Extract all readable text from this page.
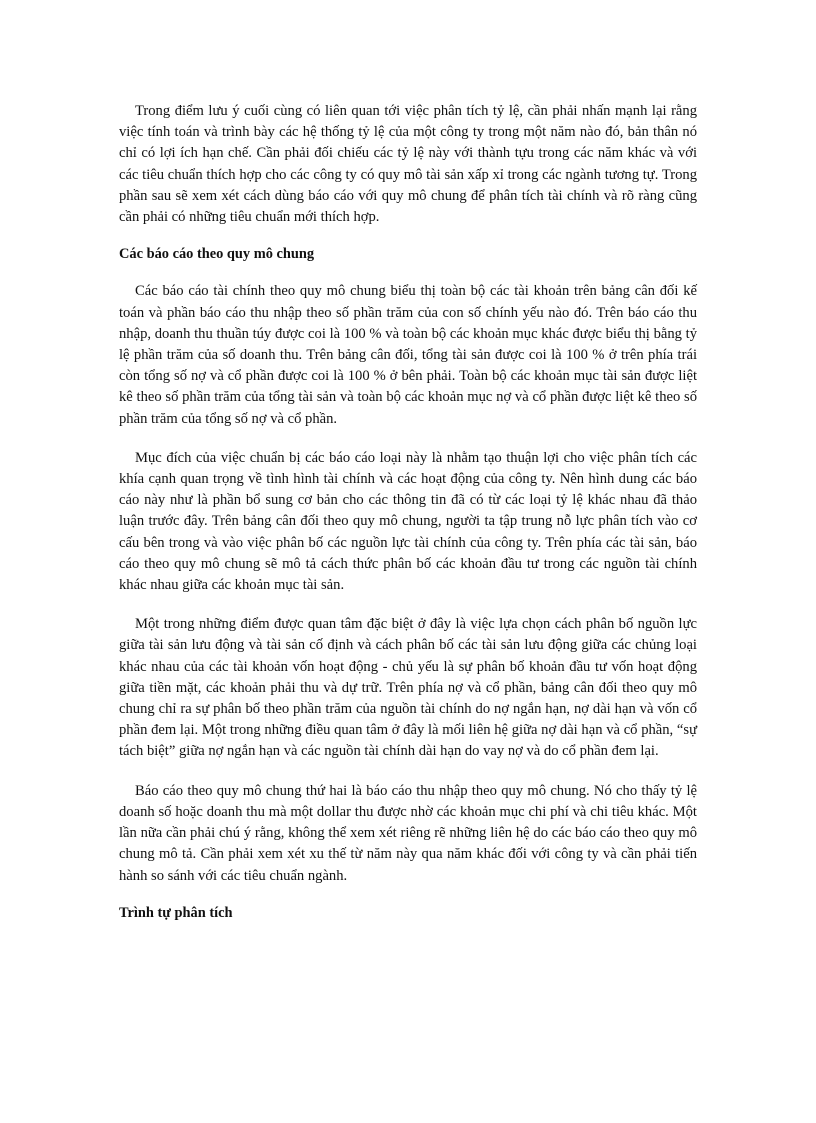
Trong điểm lưu ý cuối cùng có liên quan tới việc phân tích tỷ lệ, cần phải nhấn mạnh lại rằng việc tính toán và trình bày các hệ thống tỷ lệ của một công ty trong một năm nào đó, bản thân nó chỉ có lợi ích hạn chế. Cần phải đối chiếu các tỷ lệ này với thành tựu trong các năm khác và với các tiêu chuẩn thích hợp cho các công ty có quy mô tài sản xấp xỉ trong các ngành tương tự. Trong phần sau sẽ xem xét cách dùng báo cáo với quy mô chung để phân tích tài chính và rõ ràng cũng cần phải có những tiêu chuẩn mới thích hợp.

Các báo cáo theo quy mô chung

Các báo cáo tài chính theo quy mô chung biểu thị toàn bộ các tài khoản trên bảng cân đối kế toán và phần báo cáo thu nhập theo số phần trăm của con số chính yếu nào đó. Trên báo cáo thu nhập, doanh thu thuần túy được coi là 100 % và toàn bộ các khoản mục khác được biểu thị bằng tỷ lệ phần trăm của số doanh thu. Trên bảng cân đối, tổng tài sản được coi là 100 % ở trên phía trái còn tổng số nợ và cổ phần được coi là 100 % ở bên phải. Toàn bộ các khoản mục tài sản được liệt kê theo số phần trăm của tổng tài sản và toàn bộ các khoản mục nợ và cổ phần được liệt kê theo số phần trăm của tổng số nợ và cổ phần.

Mục đích của việc chuẩn bị các báo cáo loại này là nhằm tạo thuận lợi cho việc phân tích các khía cạnh quan trọng về tình hình tài chính và các hoạt động của công ty. Nên hình dung các báo cáo này như là phần bổ sung cơ bản cho các thông tin đã có từ các loại tỷ lệ khác nhau đã thảo luận trước đây. Trên bảng cân đối theo quy mô chung, người ta tập trung nỗ lực phân tích vào cơ cấu bên trong và vào việc phân bố các nguồn lực tài chính của công ty. Trên phía các tài sản, báo cáo theo quy mô chung sẽ mô tả cách thức phân bố các khoản đầu tư trong các nguồn tài chính khác nhau giữa các khoản mục tài sản.

Một trong những điểm được quan tâm đặc biệt ở đây là việc lựa chọn cách phân bố nguồn lực giữa tài sản lưu động và tài sản cố định và cách phân bố các tài sản lưu động giữa các chủng loại khác nhau của các tài khoản vốn hoạt động - chủ yếu là sự phân bố khoản đầu tư vốn hoạt động giữa tiền mặt, các khoản phải thu và dự trữ. Trên phía nợ và cổ phần, bảng cân đối theo quy mô chung chỉ ra sự phân bố theo phần trăm của nguồn tài chính do nợ ngắn hạn, nợ dài hạn và vốn cổ phần đem lại. Một trong những điều quan tâm ở đây là mối liên hệ giữa nợ dài hạn và cổ phần, “sự tách biệt” giữa nợ ngắn hạn và các nguồn tài chính dài hạn do vay nợ và do cổ phần đem lại.

Báo cáo theo quy mô chung thứ hai là báo cáo thu nhập theo quy mô chung. Nó cho thấy tỷ lệ doanh số hoặc doanh thu mà một dollar thu được nhờ các khoản mục chi phí và chi tiêu khác. Một lần nữa cần phải chú ý rằng, không thể xem xét riêng rẽ những liên hệ do các báo cáo theo quy mô chung mô tả. Cần phải xem xét xu thế từ năm này qua năm khác đối với công ty và cần phải tiến hành so sánh với các tiêu chuẩn ngành.

Trình tự phân tích
